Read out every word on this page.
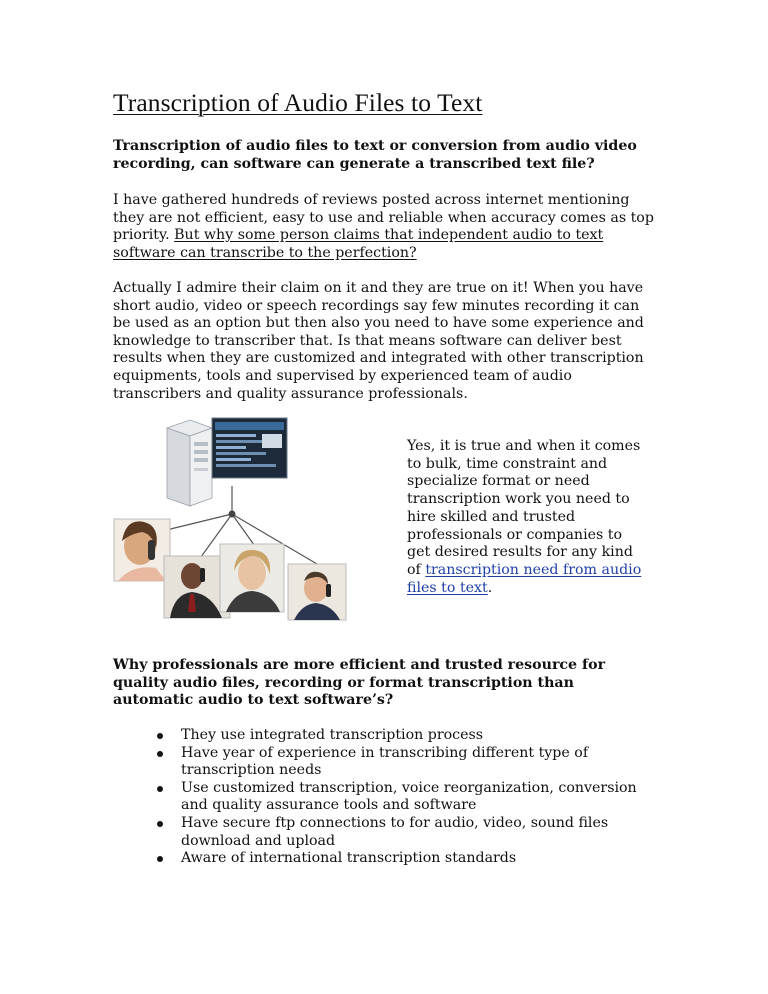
Transcription of Audio Files to Text

Transcription of audio files to text or conversion from audio video recording, can software can generate a transcribed text file?

I have gathered hundreds of reviews posted across internet mentioning they are not efficient, easy to use and reliable when accuracy comes as top priority. But why some person claims that independent audio to text software can transcribe to the perfection?

Actually I admire their claim on it and they are true on it! When you have short audio, video or speech recordings say few minutes recording it can be used as an option but then also you need to have some experience and knowledge to transcriber that. Is that means software can deliver best results when they are customized and integrated with other transcription equipments, tools and supervised by experienced team of audio transcribers and quality assurance professionals.

Yes, it is true and when it comes to bulk, time constraint and specialize format or need transcription work you need to hire skilled and trusted professionals or companies to get desired results for any kind of transcription need from audio files to text.

Why professionals are more efficient and trusted resource for quality audio files, recording or format transcription than automatic audio to text software’s?

They use integrated transcription process
Have year of experience in transcribing different type of transcription needs
Use customized transcription, voice reorganization, conversion and quality assurance tools and software
Have secure ftp connections to for audio, video, sound files download and upload
Aware of international transcription standards
